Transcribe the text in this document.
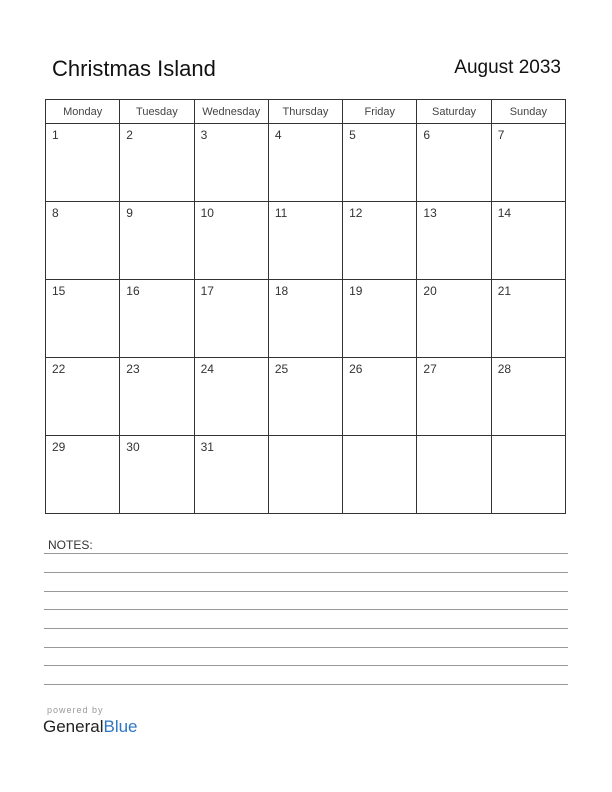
Christmas Island	August 2033
Monday	Tuesday	Wednesday	Thursday	Friday	Saturday	Sunday

1	2	3	4	5	6	7

8	9	10	11	12	13	14

15	16	17	18	19	20	21

22	23	24	25	26	27	28

29	30	31				

NOTES:
powered by
GeneralBlue
